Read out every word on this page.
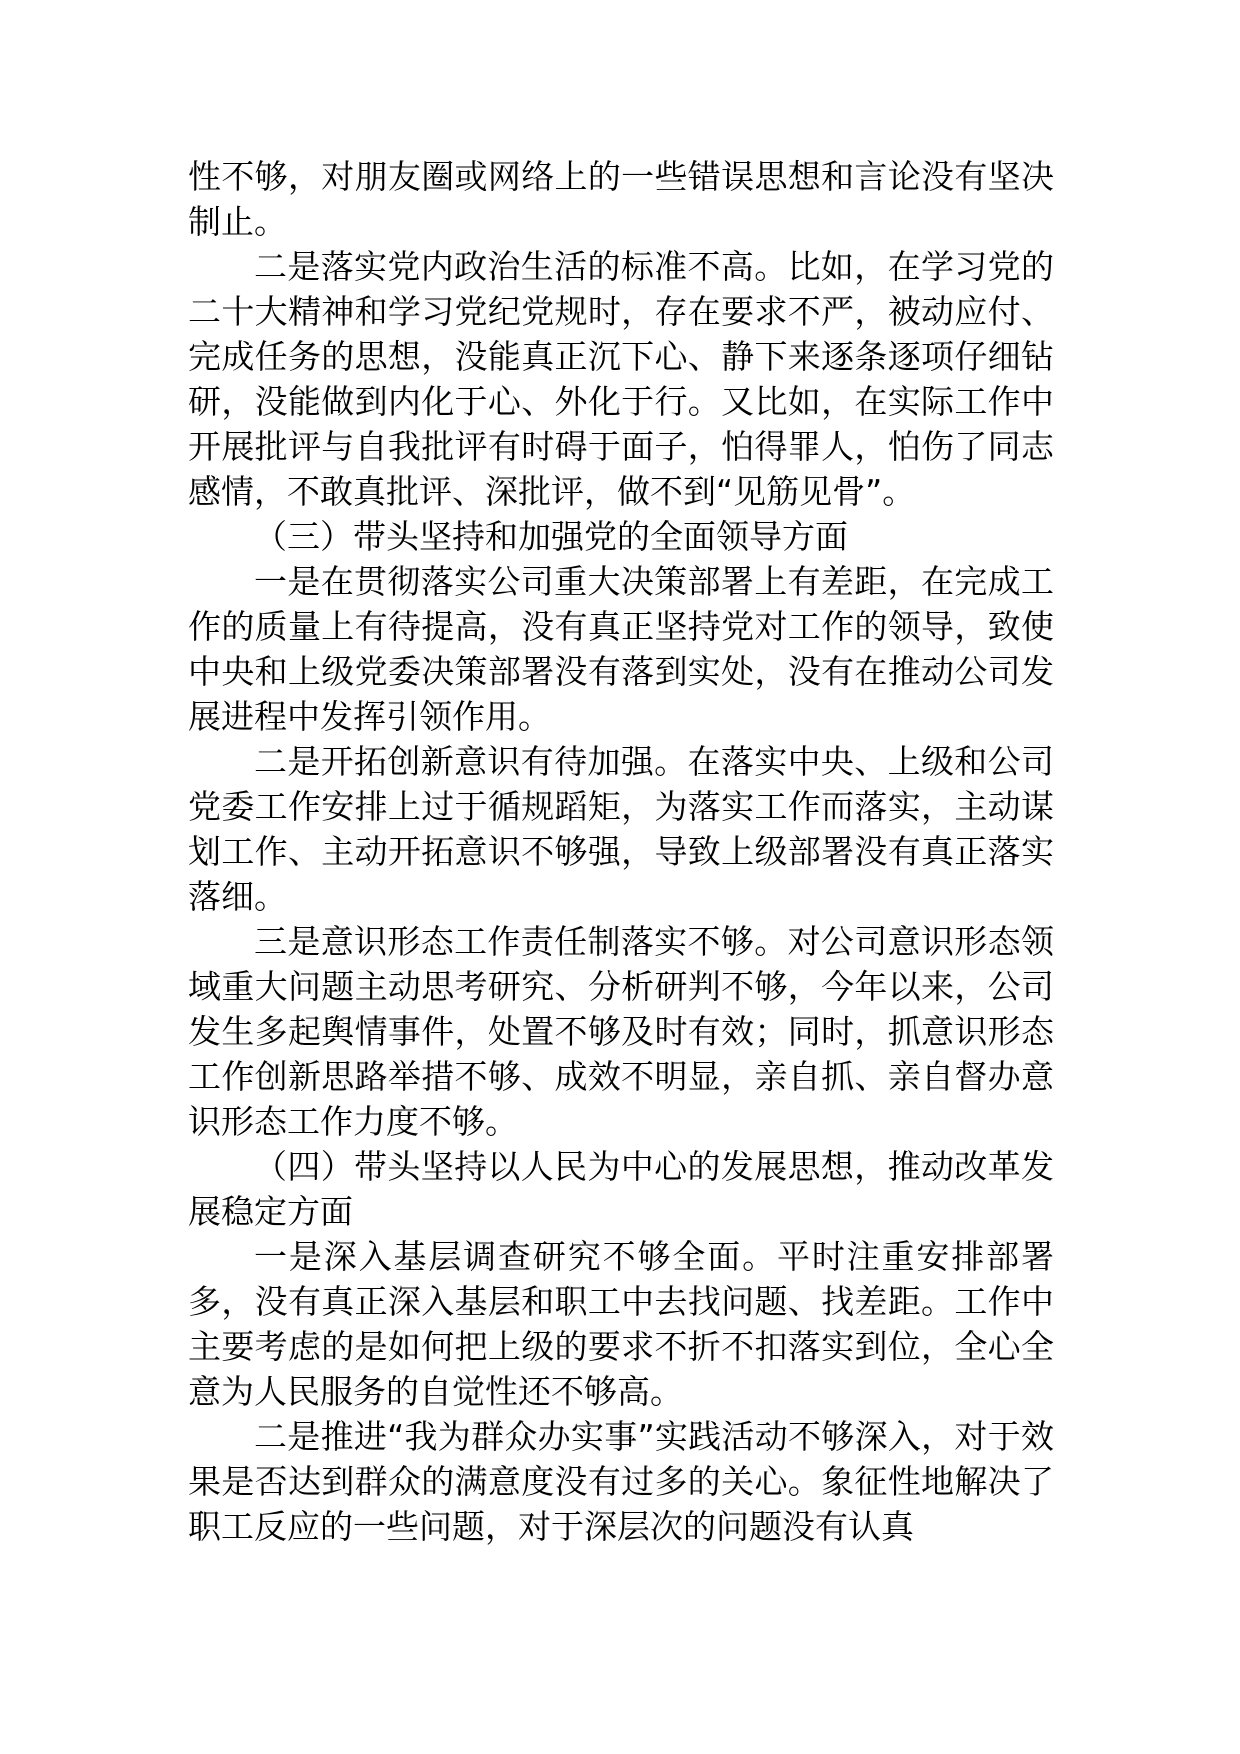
性不够，对朋友圈或网络上的一些错误思想和言论没有坚决制止。

二是落实党内政治生活的标准不高。比如，在学习党的二十大精神和学习党纪党规时，存在要求不严，被动应付、完成任务的思想，没能真正沉下心、静下来逐条逐项仔细钻研，没能做到内化于心、外化于行。又比如，在实际工作中开展批评与自我批评有时碍于面子，怕得罪人，怕伤了同志感情，不敢真批评、深批评，做不到“见筋见骨”。

（三）带头坚持和加强党的全面领导方面

一是在贯彻落实公司重大决策部署上有差距，在完成工作的质量上有待提高，没有真正坚持党对工作的领导，致使中央和上级党委决策部署没有落到实处，没有在推动公司发展进程中发挥引领作用。

二是开拓创新意识有待加强。在落实中央、上级和公司党委工作安排上过于循规蹈矩，为落实工作而落实，主动谋划工作、主动开拓意识不够强，导致上级部署没有真正落实落细。

三是意识形态工作责任制落实不够。对公司意识形态领域重大问题主动思考研究、分析研判不够，今年以来，公司发生多起舆情事件，处置不够及时有效；同时，抓意识形态工作创新思路举措不够、成效不明显，亲自抓、亲自督办意识形态工作力度不够。

（四）带头坚持以人民为中心的发展思想，推动改革发展稳定方面

一是深入基层调查研究不够全面。平时注重安排部署多，没有真正深入基层和职工中去找问题、找差距。工作中主要考虑的是如何把上级的要求不折不扣落实到位，全心全意为人民服务的自觉性还不够高。

二是推进“我为群众办实事”实践活动不够深入，对于效果是否达到群众的满意度没有过多的关心。象征性地解决了职工反应的一些问题，对于深层次的问题没有认真
